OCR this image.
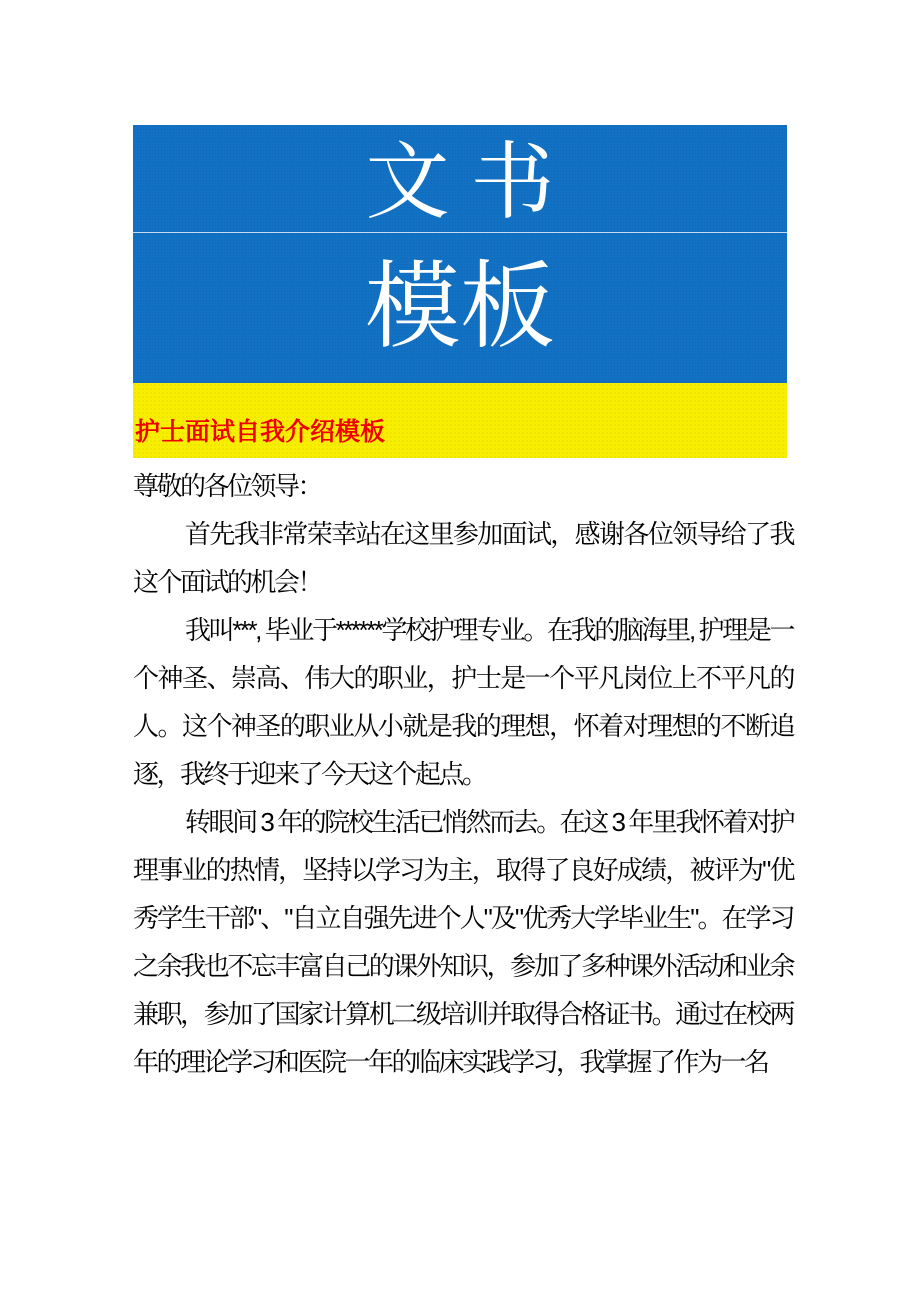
文 书
模板
护士面试自我介绍模板

尊敬的各位领导：

首先我非常荣幸站在这里参加面试，感谢各位领导给了我这个面试的机会！

我叫***, 毕业于******学校护理专业。在我的脑海里, 护理是一个神圣、崇高、伟大的职业，护士是一个平凡岗位上不平凡的人。这个神圣的职业从小就是我的理想，怀着对理想的不断追逐，我终于迎来了今天这个起点。

转眼间 3 年的院校生活已悄然而去。在这 3 年里我怀着对护理事业的热情，坚持以学习为主，取得了良好成绩，被评为"优秀学生干部"、"自立自强先进个人"及"优秀大学毕业生"。在学习之余我也不忘丰富自己的课外知识，参加了多种课外活动和业余兼职，参加了国家计算机二级培训并取得合格证书。通过在校两年的理论学习和医院一年的临床实践学习，我掌握了作为一名
